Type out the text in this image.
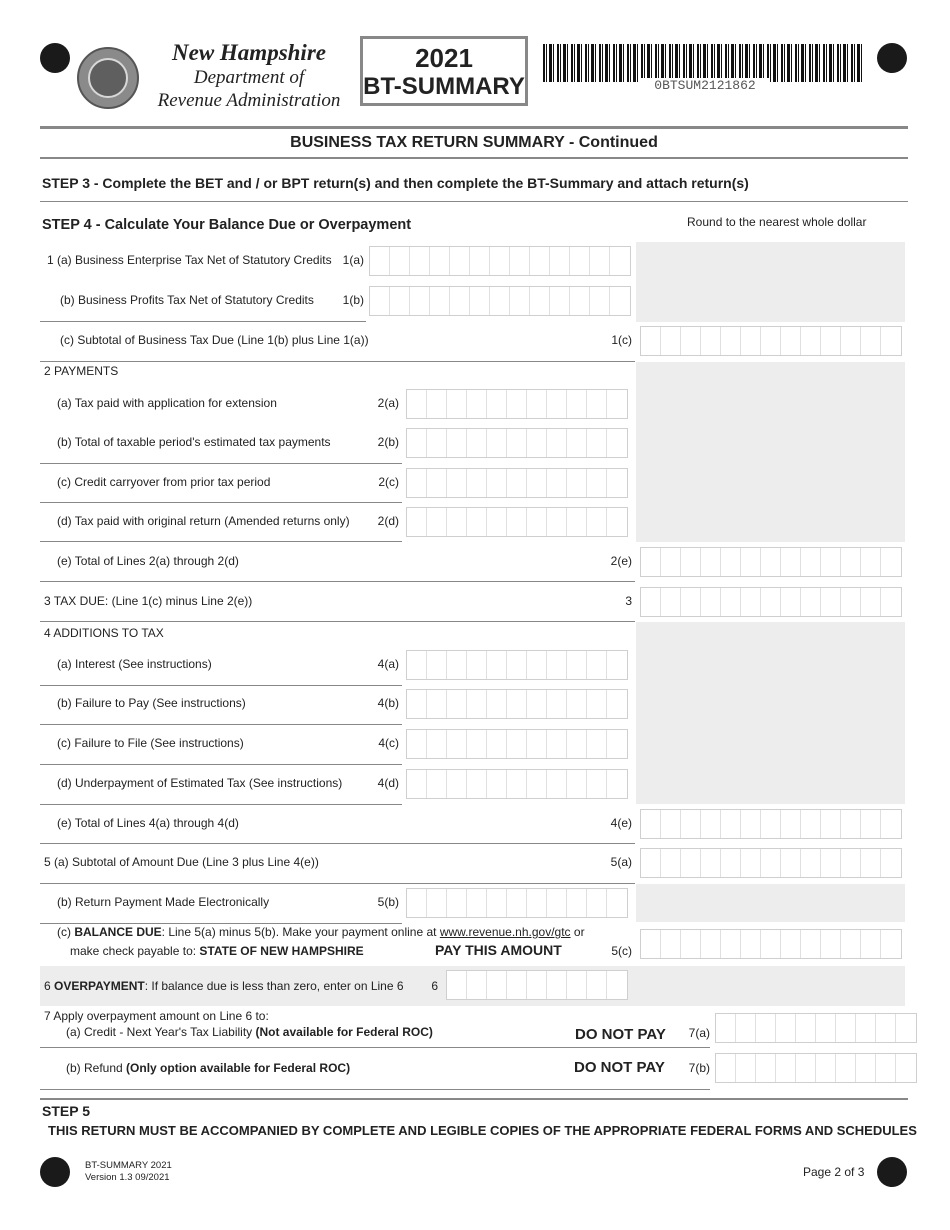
New Hampshire
Department of
Revenue Administration
2021
BT-SUMMARY	0BTSUM2121862
BUSINESS TAX RETURN SUMMARY - Continued
STEP 3 - Complete the BET and / or BPT return(s) and then complete the BT-Summary and attach return(s)
STEP 4 - Calculate Your Balance Due or Overpayment	Round to the nearest whole dollar
1 (a) Business Enterprise Tax Net of Statutory Credits 1(a)
(b) Business Profits Tax Net of Statutory Credits	1(b)
(c) Subtotal of Business Tax Due (Line 1(b) plus Line 1(a))	1(c)
2 PAYMENTS
(a) Tax paid with application for extension	2(a)
(b) Total of taxable period's estimated tax payments	2(b)
(c) Credit carryover from prior tax period	2(c)
(d) Tax paid with original return (Amended returns only)	2(d)
(e) Total of Lines 2(a) through 2(d)	2(e)
3 TAX DUE: (Line 1(c) minus Line 2(e))	3
4 ADDITIONS TO TAX
(a) Interest (See instructions)	4(a)
(b) Failure to Pay (See instructions)	4(b)
(c) Failure to File (See instructions)	4(c)
(d) Underpayment of Estimated Tax (See instructions)	4(d)
(e) Total of Lines 4(a) through 4(d)	4(e)
5 (a) Subtotal of Amount Due (Line 3 plus Line 4(e))	5(a)
(b) Return Payment Made Electronically	5(b)
(c) BALANCE DUE: Line 5(a) minus 5(b). Make your payment online at www.revenue.nh.gov/gtc or
make check payable to: STATE OF NEW HAMPSHIRE	PAY THIS AMOUNT	5(c)
6 OVERPAYMENT: If balance due is less than zero, enter on Line 6	6
7 Apply overpayment amount on Line 6 to:
(a) Credit - Next Year's Tax Liability (Not available for Federal ROC)	DO NOT PAY	7(a)
(b) Refund (Only option available for Federal ROC)	DO NOT PAY	7(b)
STEP 5
THIS RETURN MUST BE ACCOMPANIED BY COMPLETE AND LEGIBLE COPIES OF THE APPROPRIATE FEDERAL FORMS AND SCHEDULES
BT-SUMMARY 2021
Version 1.3 09/2021	Page 2 of 3
